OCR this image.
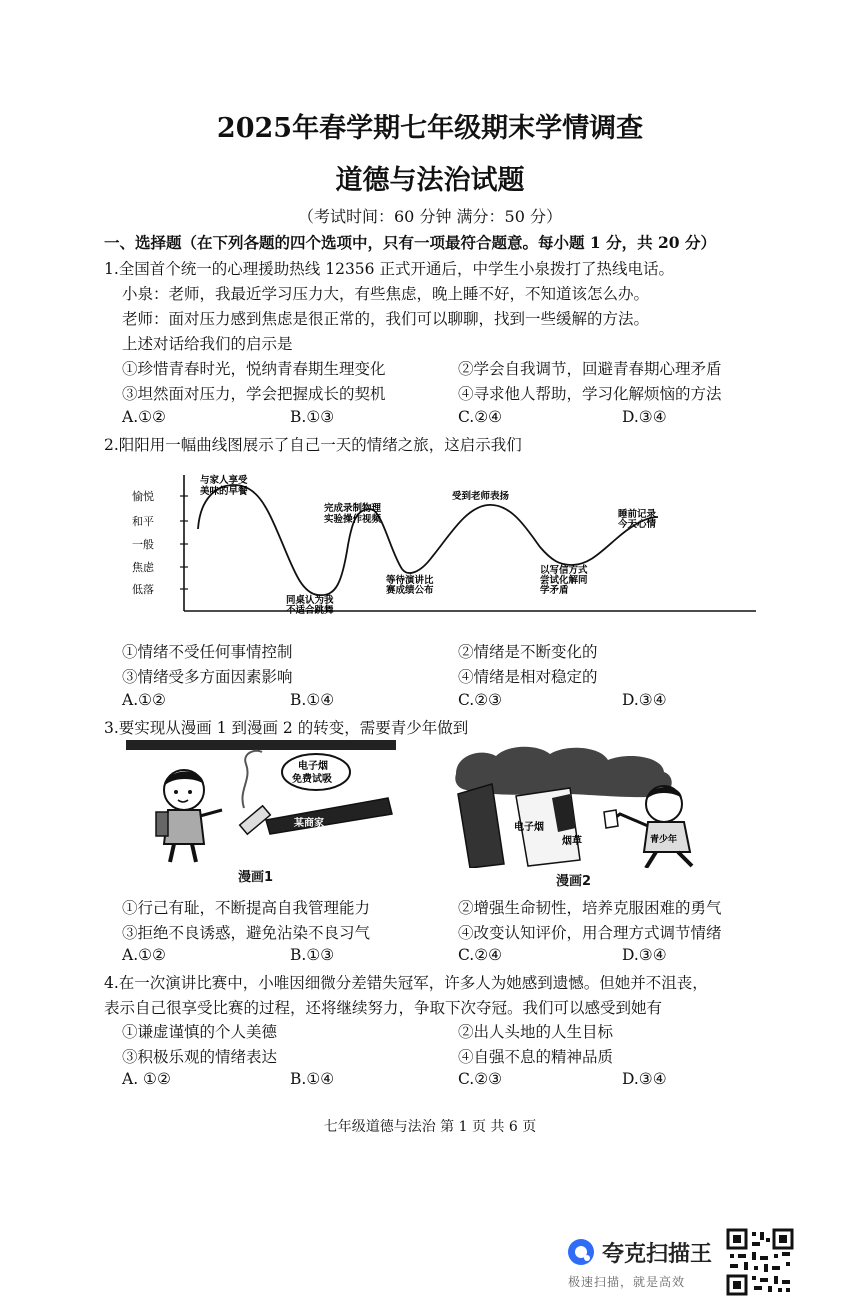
2025年春学期七年级期末学情调查
道德与法治试题
（考试时间：60 分钟 满分：50 分）
一、选择题（在下列各题的四个选项中，只有一项最符合题意。每小题 1 分，共 20 分）
1.全国首个统一的心理援助热线 12356 正式开通后，中学生小泉拨打了热线电话。
小泉：老师，我最近学习压力大，有些焦虑，晚上睡不好，不知道该怎么办。
老师：面对压力感到焦虑是很正常的，我们可以聊聊，找到一些缓解的方法。
上述对话给我们的启示是
①珍惜青春时光，悦纳青春期生理变化	②学会自我调节，回避青春期心理矛盾
③坦然面对压力，学会把握成长的契机	④寻求他人帮助，学习化解烦恼的方法
A.①②	B.①③	C.②④	D.③④
2.阳阳用一幅曲线图展示了自己一天的情绪之旅，这启示我们
愉悦
和平
一般
焦虑
低落
与家人享受
美味的早餐
同桌认为我
不适合跳舞
完成录制物理
实验操作视频
等待演讲比
赛成绩公布
受到老师表扬
以写信方式
尝试化解同
学矛盾
睡前记录
今天心情
①情绪不受任何事情控制	②情绪是不断变化的
③情绪受多方面因素影响	④情绪是相对稳定的
A.①②	B.①④	C.②③	D.③④
3.要实现从漫画 1 到漫画 2 的转变，需要青少年做到
某商家
电子烟
免费试吸
漫画1
电子烟
烟草	青少年
漫画2
①行己有耻，不断提高自我管理能力	②增强生命韧性，培养克服困难的勇气
③拒绝不良诱惑，避免沾染不良习气	④改变认知评价，用合理方式调节情绪
A.①②	B.①③	C.②④	D.③④
4.在一次演讲比赛中，小唯因细微分差错失冠军，许多人为她感到遗憾。但她并不沮丧，
表示自己很享受比赛的过程，还将继续努力，争取下次夺冠。我们可以感受到她有
①谦虚谨慎的个人美德	②出人头地的人生目标
③积极乐观的情绪表达	④自强不息的精神品质
A. ①②	B.①④	C.②③	D.③④
七年级道德与法治 第 1 页 共 6 页
夸克扫描王
极速扫描，就是高效
